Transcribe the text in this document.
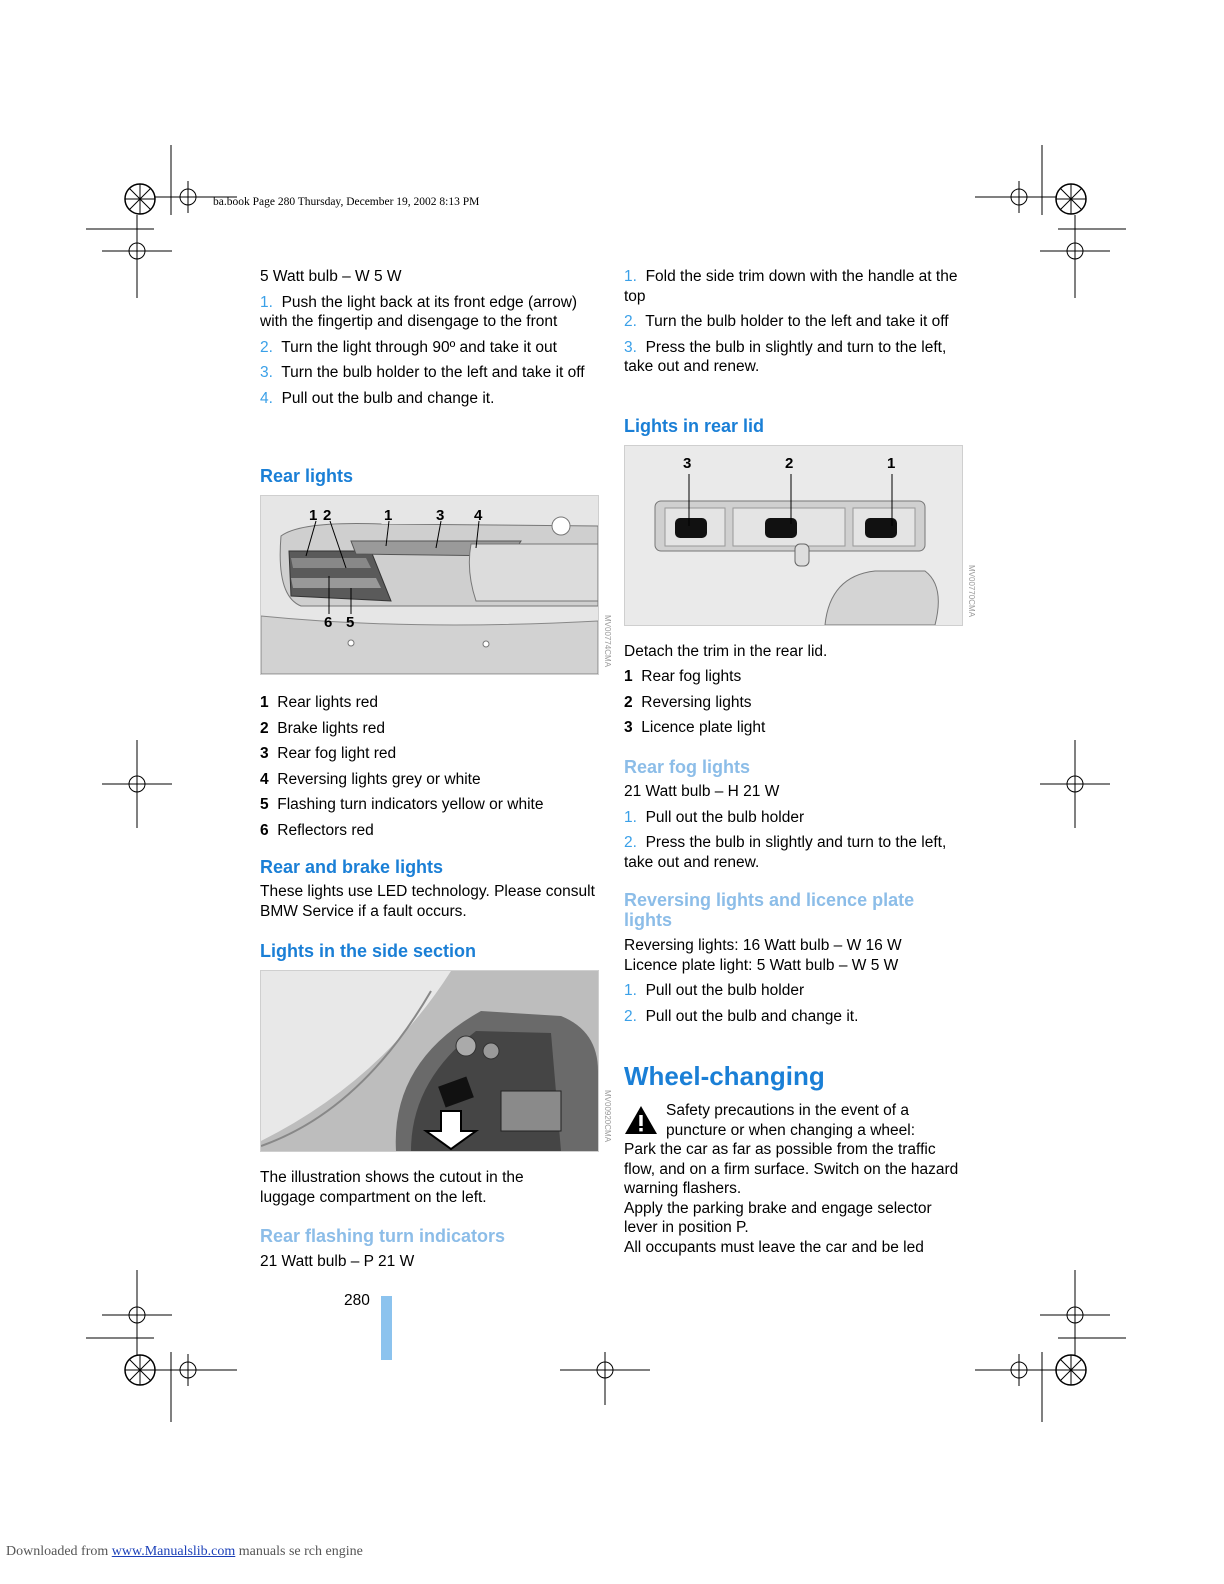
ba.book Page 280 Thursday, December 19, 2002 8:13 PM

5 Watt bulb – W 5 W

1. Push the light back at its front edge (arrow) with the fingertip and disengage to the front

2. Turn the light through 90º and take it out

3. Turn the bulb holder to the left and take it off

4. Pull out the bulb and change it.

Rear lights
1 2	1	3 4
6 5	MV00774CMA

1 Rear lights red

2 Brake lights red

3 Rear fog light red

4 Reversing lights grey or white

5 Flashing turn indicators yellow or white

6 Reflectors red

Rear and brake lights
These lights use LED technology. Please consult BMW Service if a fault occurs.
Lights in the side section
MV00920CMA
The illustration shows the cutout in the luggage compartment on the left.
Rear flashing turn indicators
21 Watt bulb – P 21 W

1. Fold the side trim down with the handle at the top

2. Turn the bulb holder to the left and take it off

3. Press the bulb in slightly and turn to the left, take out and renew.

Lights in rear lid
3	2	1
MV00770CMA
Detach the trim in the rear lid.

1 Rear fog lights

2 Reversing lights

3 Licence plate light

Rear fog lights

21 Watt bulb – H 21 W

1. Pull out the bulb holder

2. Press the bulb in slightly and turn to the left, take out and renew.

Reversing lights and licence plate lights

Reversing lights: 16 Watt bulb – W 16 W

Licence plate light: 5 Watt bulb – W 5 W

1. Pull out the bulb holder

2. Pull out the bulb and change it.

Wheel-changing

Safety precautions in the event of a puncture or when changing a wheel:

Park the car as far as possible from the traffic flow, and on a firm surface. Switch on the hazard warning flashers.

Apply the parking brake and engage selector lever in position P.

All occupants must leave the car and be led

280
Downloaded from www.Manualslib.com manuals se rch engine
